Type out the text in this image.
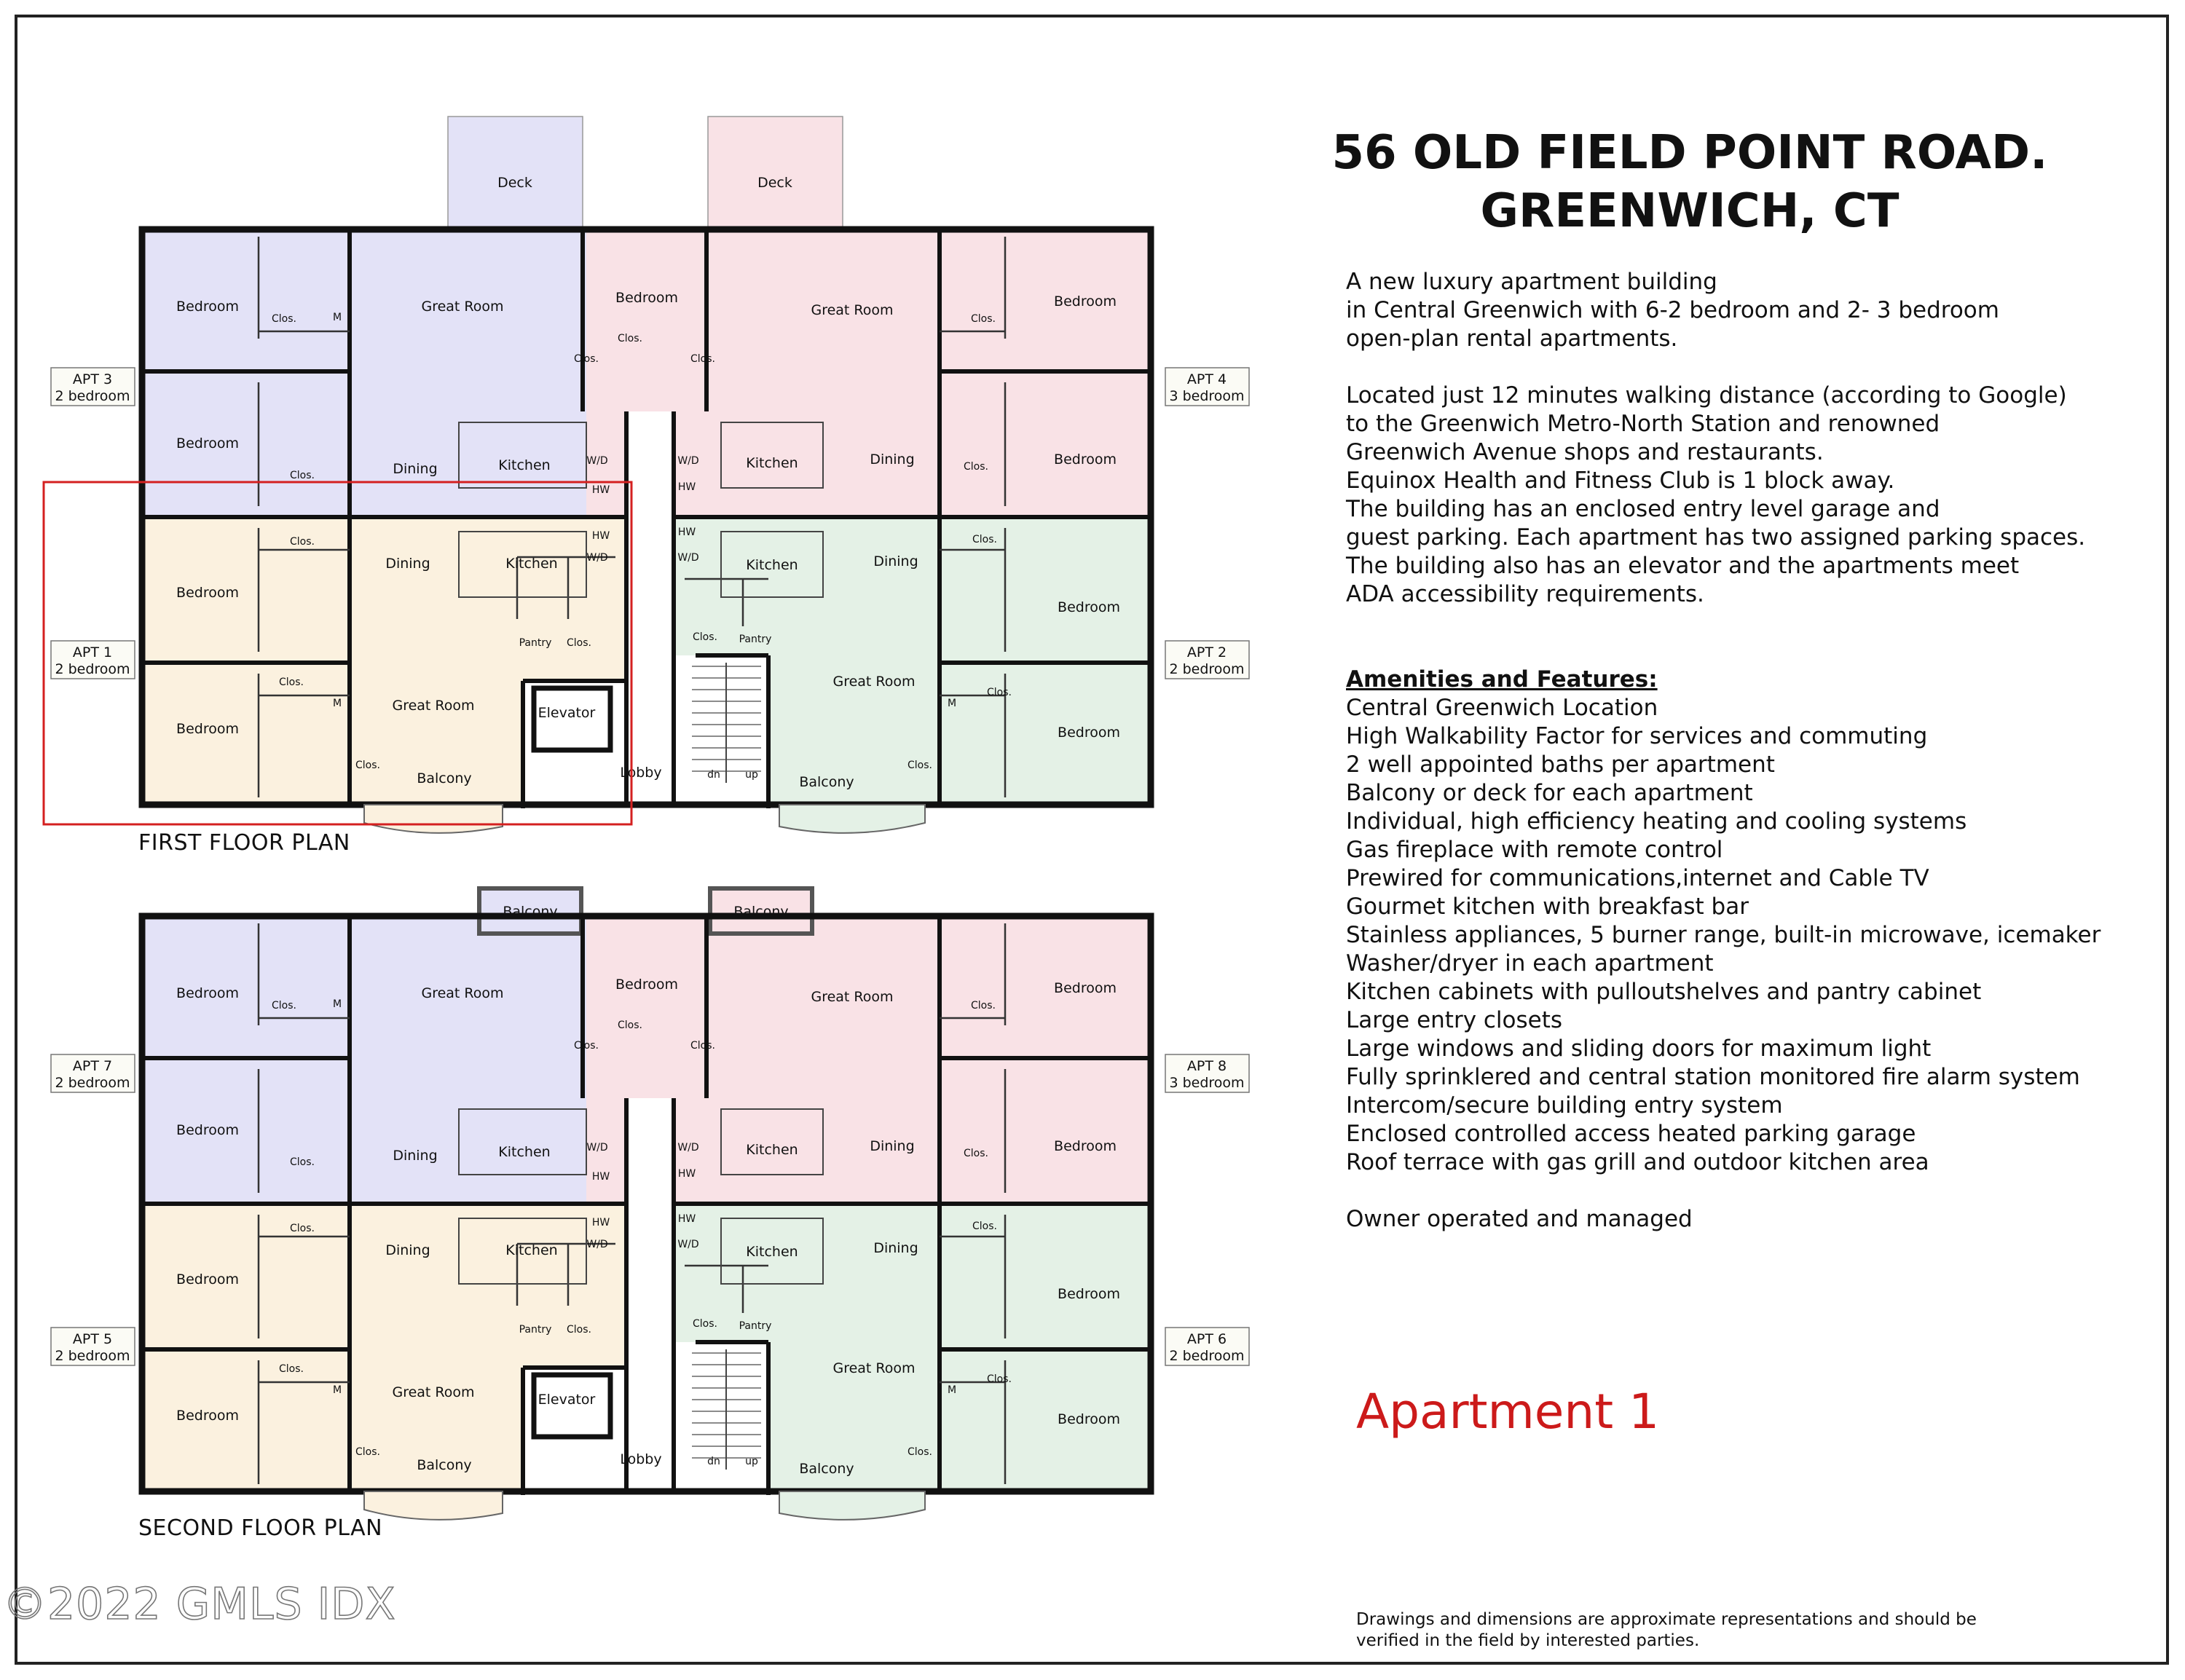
Deck	Deck
Bedroom	Great Room
Dining	Kitchen
Bedroom
Bedroom
Bedroom
Dining	Kitchen
Great Room
Balcony
Elevator
Lobby
Bedroom
Great Room
Kitchen	Dining
Bedroom
Bedroom
Kitchen	Dining
Great Room
Bedroom
Bedroom
Balcony
Clos.
Clos.
Clos.
Clos.
Clos.
Clos.
Clos.
Clos.
Clos.
Clos.
Clos.
Clos.
Clos.
Clos.
Pantry Clos.	Pantry
W/D
W/D
W/D
W/D
HW
HW
HW
HW
dn up
M
M	M
APT 3
2 bedroom
APT 4
3 bedroom
APT 1
2 bedroom
APT 2
2 bedroom
Balcony	Balcony
Bedroom	Great Room
Dining	Kitchen
Bedroom
Bedroom
Bedroom
Dining	Kitchen
Great Room
Balcony
Elevator
Lobby
Bedroom
Great Room
Kitchen	Dining
Bedroom
Bedroom
Kitchen	Dining
Great Room
Bedroom
Bedroom
Balcony
Clos.
Clos.
Clos.
Clos.
Clos.
Clos.
Clos.
Clos.
Clos.
Clos.
Clos.
Clos.
Clos.
Clos.
Pantry Clos.	Pantry
W/D
W/D
W/D
W/D
HW
HW
HW
HW
dn up
M
M	M
APT 7
2 bedroom
APT 8
3 bedroom
APT 5
2 bedroom
APT 6
2 bedroom
FIRST FLOOR PLAN
SECOND FLOOR PLAN
56 OLD FIELD POINT ROAD.
GREENWICH, CT
A new luxury apartment building
in Central Greenwich with 6-2 bedroom and 2- 3 bedroom
open-plan rental apartments.
Located just 12 minutes walking distance (according to Google)
to the Greenwich Metro-North Station and renowned
Greenwich Avenue shops and restaurants.
Equinox Health and Fitness Club is 1 block away.
The building has an enclosed entry level garage and
guest parking. Each apartment has two assigned parking spaces.
The building also has an elevator and the apartments meet
ADA accessibility requirements.
Amenities and Features:
Central Greenwich Location
High Walkability Factor for services and commuting
2 well appointed baths per apartment
Balcony or deck for each apartment
Individual, high efficiency heating and cooling systems
Gas fireplace with remote control
Prewired for communications,internet and Cable TV
Gourmet kitchen with breakfast bar
Stainless appliances, 5 burner range, built-in microwave, icemaker
Washer/dryer in each apartment
Kitchen cabinets with pulloutshelves and pantry cabinet
Large entry closets
Large windows and sliding doors for maximum light
Fully sprinklered and central station monitored fire alarm system
Intercom/secure building entry system
Enclosed controlled access heated parking garage
Roof terrace with gas grill and outdoor kitchen area
Owner operated and managed
Apartment 1
Drawings and dimensions are approximate representations and should be
verified in the field by interested parties.
©2022 GMLS IDX
